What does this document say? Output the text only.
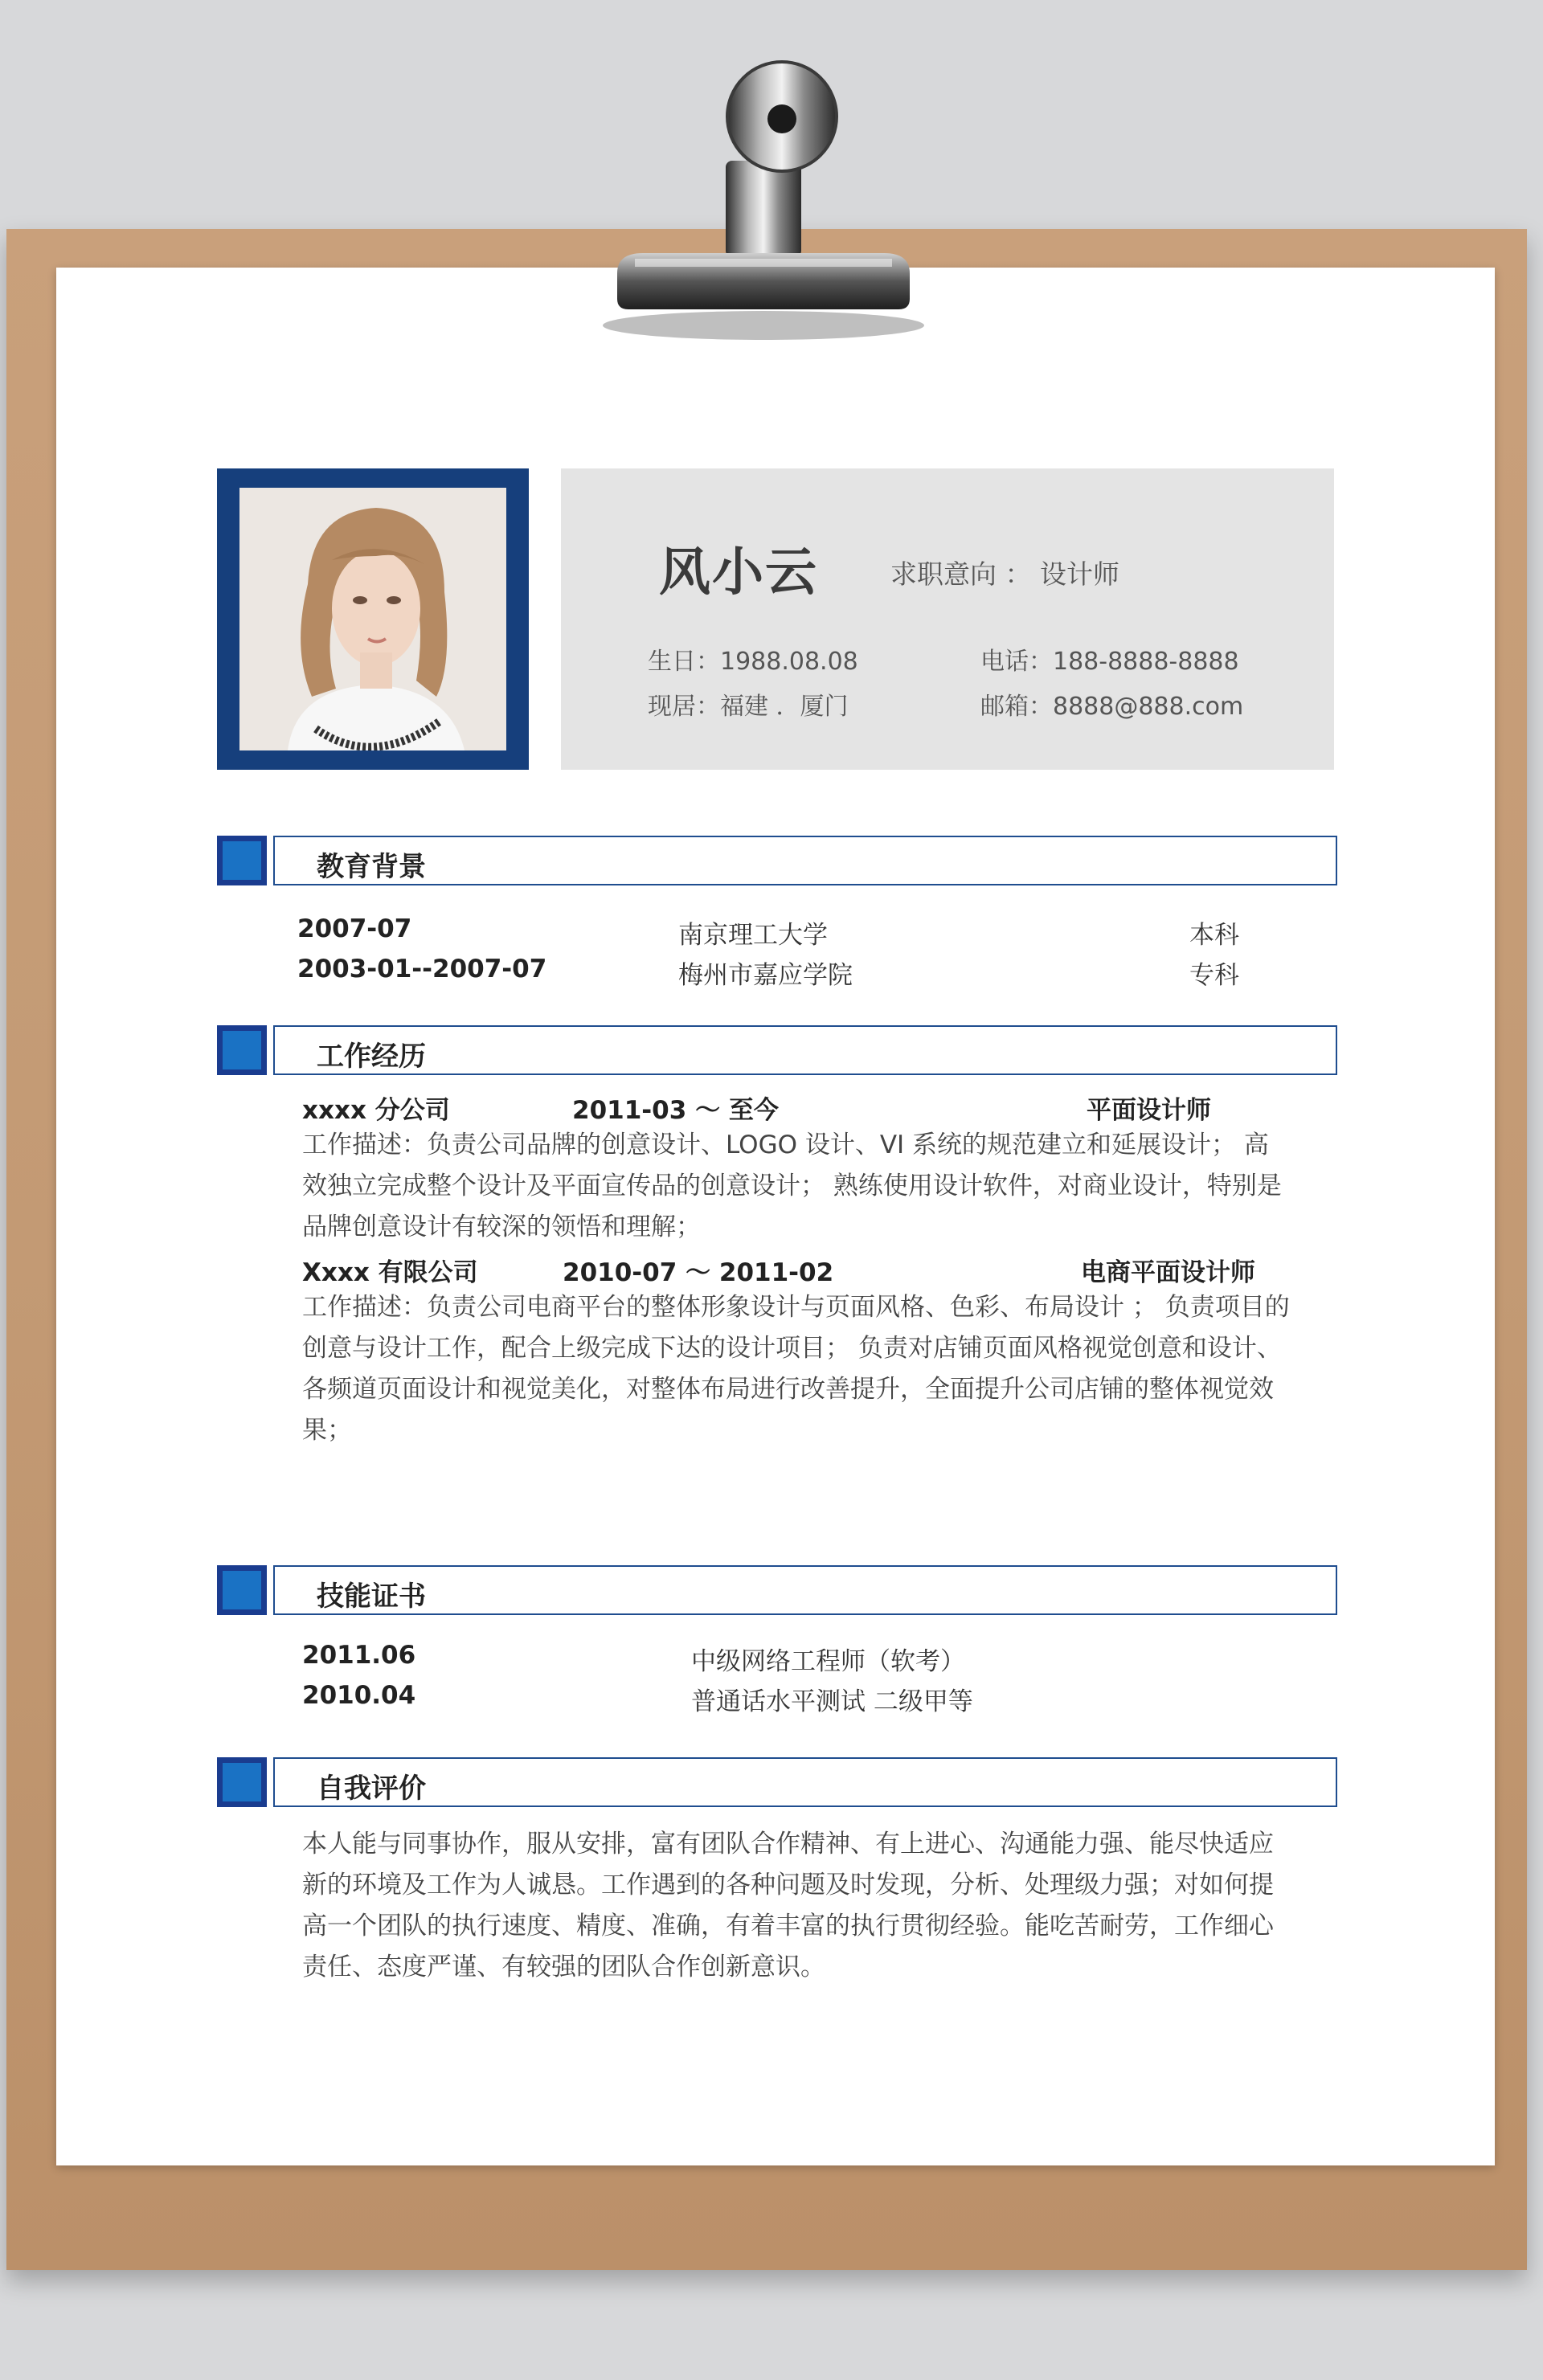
风小云	求职意向 ： 设计师
生日：1988.08.08	电话：188-8888-8888
现居：福建 ．厦门	邮箱：8888@888.com
教育背景
2007-07	南京理工大学	本科
2003-01--2007-07	梅州市嘉应学院	专科
工作经历
xxxx 分公司	2011-03 ～ 至今	平面设计师
工作描述：负责公司品牌的创意设计、LOGO 设计、VI 系统的规范建立和延展设计； 高效独立完成整个设计及平面宣传品的创意设计； 熟练使用设计软件，对商业设计，特别是品牌创意设计有较深的领悟和理解；
Xxxx 有限公司	2010-07 ～ 2011-02	电商平面设计师
工作描述：负责公司电商平台的整体形象设计与页面风格、色彩、布局设计 ； 负责项目的创意与设计工作，配合上级完成下达的设计项目； 负责对店铺页面风格视觉创意和设计、各频道页面设计和视觉美化，对整体布局进行改善提升，全面提升公司店铺的整体视觉效果；
技能证书
2011.06	中级网络工程师（软考）
2010.04	普通话水平测试 二级甲等
自我评价
本人能与同事协作，服从安排，富有团队合作精神、有上进心、沟通能力强、能尽快适应新的环境及工作为人诚恳。工作遇到的各种问题及时发现，分析、处理级力强；对如何提高一个团队的执行速度、精度、准确，有着丰富的执行贯彻经验。能吃苦耐劳，工作细心责任、态度严谨、有较强的团队合作创新意识。
